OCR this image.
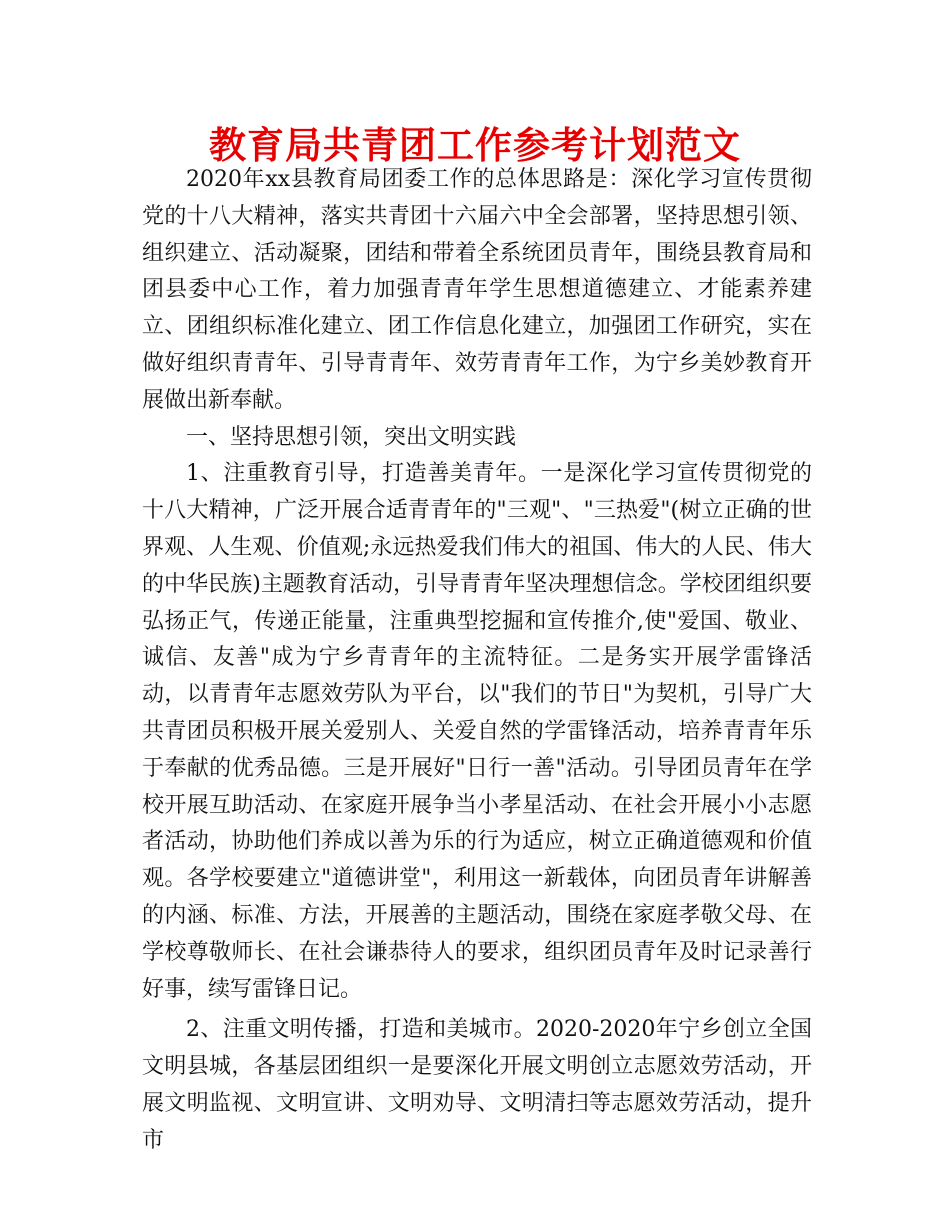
教育局共青团工作参考计划范文

2020年xx县教育局团委工作的总体思路是：深化学习宣传贯彻党的十八大精神，落实共青团十六届六中全会部署，坚持思想引领、组织建立、活动凝聚，团结和带着全系统团员青年，围绕县教育局和团县委中心工作，着力加强青青年学生思想道德建立、才能素养建立、团组织标准化建立、团工作信息化建立，加强团工作研究，实在做好组织青青年、引导青青年、效劳青青年工作，为宁乡美妙教育开展做出新奉献。

一、坚持思想引领，突出文明实践

1、注重教育引导，打造善美青年。一是深化学习宣传贯彻党的十八大精神，广泛开展合适青青年的"三观"、"三热爱"(树立正确的世界观、人生观、价值观;永远热爱我们伟大的祖国、伟大的人民、伟大的中华民族)主题教育活动，引导青青年坚决理想信念。学校团组织要弘扬正气，传递正能量，注重典型挖掘和宣传推介,使"爱国、敬业、诚信、友善"成为宁乡青青年的主流特征。二是务实开展学雷锋活动，以青青年志愿效劳队为平台，以"我们的节日"为契机，引导广大共青团员积极开展关爱别人、关爱自然的学雷锋活动，培养青青年乐于奉献的优秀品德。三是开展好"日行一善"活动。引导团员青年在学校开展互助活动、在家庭开展争当小孝星活动、在社会开展小小志愿者活动，协助他们养成以善为乐的行为适应，树立正确道德观和价值观。各学校要建立"道德讲堂"，利用这一新载体，向团员青年讲解善的内涵、标准、方法，开展善的主题活动，围绕在家庭孝敬父母、在学校尊敬师长、在社会谦恭待人的要求，组织团员青年及时记录善行好事，续写雷锋日记。

2、注重文明传播，打造和美城市。2020-2020年宁乡创立全国文明县城，各基层团组织一是要深化开展文明创立志愿效劳活动，开展文明监视、文明宣讲、文明劝导、文明清扫等志愿效劳活动，提升市
